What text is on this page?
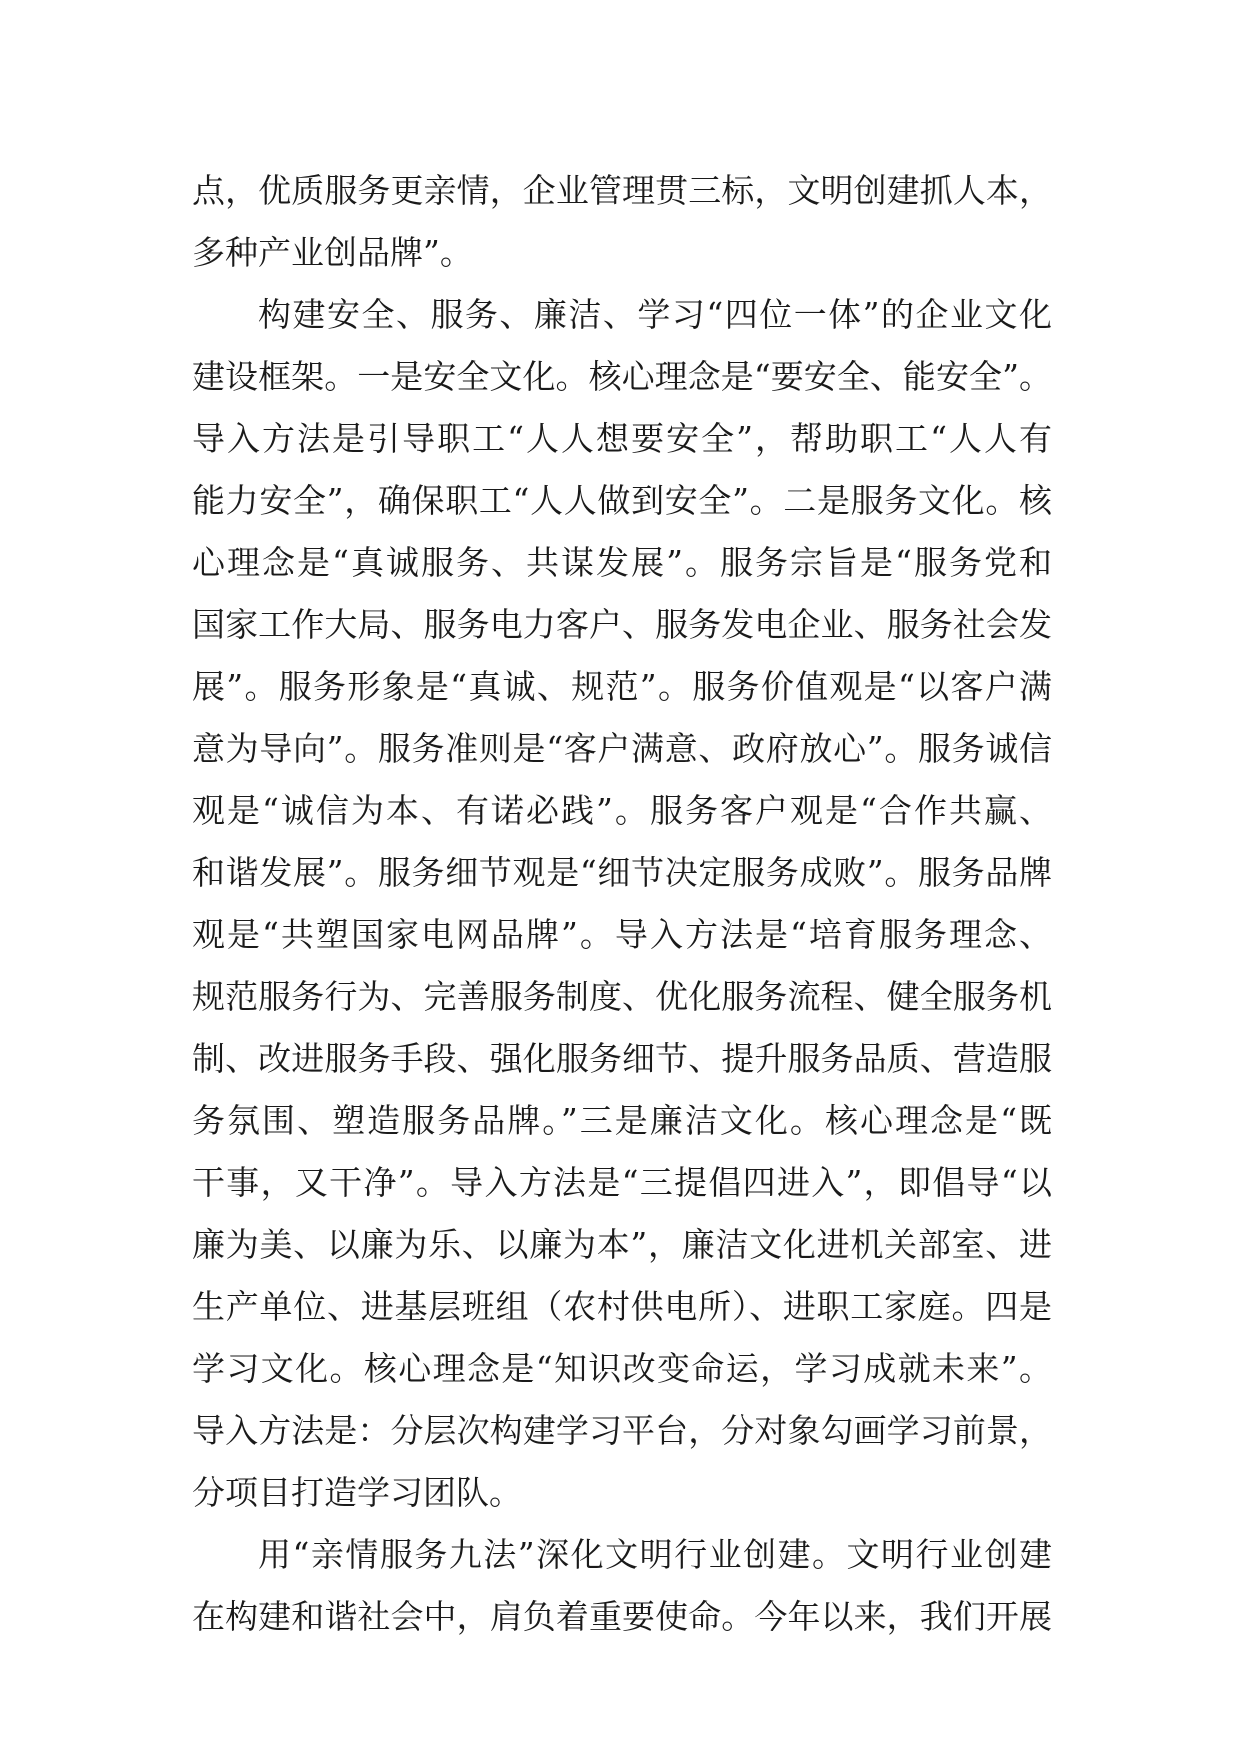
点，优质服务更亲情，企业管理贯三标，文明创建抓人本，
多种产业创品牌”。
构建安全、服务、廉洁、学习“四位一体”的企业文化
建设框架。一是安全文化。核心理念是“要安全、能安全”。
导入方法是引导职工“人人想要安全”，帮助职工“人人有
能力安全”，确保职工“人人做到安全”。二是服务文化。核
心理念是“真诚服务、共谋发展”。服务宗旨是“服务党和
国家工作大局、服务电力客户、服务发电企业、服务社会发
展”。服务形象是“真诚、规范”。服务价值观是“以客户满
意为导向”。服务准则是“客户满意、政府放心”。服务诚信
观是“诚信为本、有诺必践”。服务客户观是“合作共赢、
和谐发展”。服务细节观是“细节决定服务成败”。服务品牌
观是“共塑国家电网品牌”。导入方法是“培育服务理念、
规范服务行为、完善服务制度、优化服务流程、健全服务机
制、改进服务手段、强化服务细节、提升服务品质、营造服
务氛围、塑造服务品牌。”三是廉洁文化。核心理念是“既
干事，又干净”。导入方法是“三提倡四进入”，即倡导“以
廉为美、以廉为乐、以廉为本”，廉洁文化进机关部室、进
生产单位、进基层班组（农村供电所）、进职工家庭。四是
学习文化。核心理念是“知识改变命运，学习成就未来”。
导入方法是：分层次构建学习平台，分对象勾画学习前景，
分项目打造学习团队。
用“亲情服务九法”深化文明行业创建。文明行业创建
在构建和谐社会中，肩负着重要使命。今年以来，我们开展
